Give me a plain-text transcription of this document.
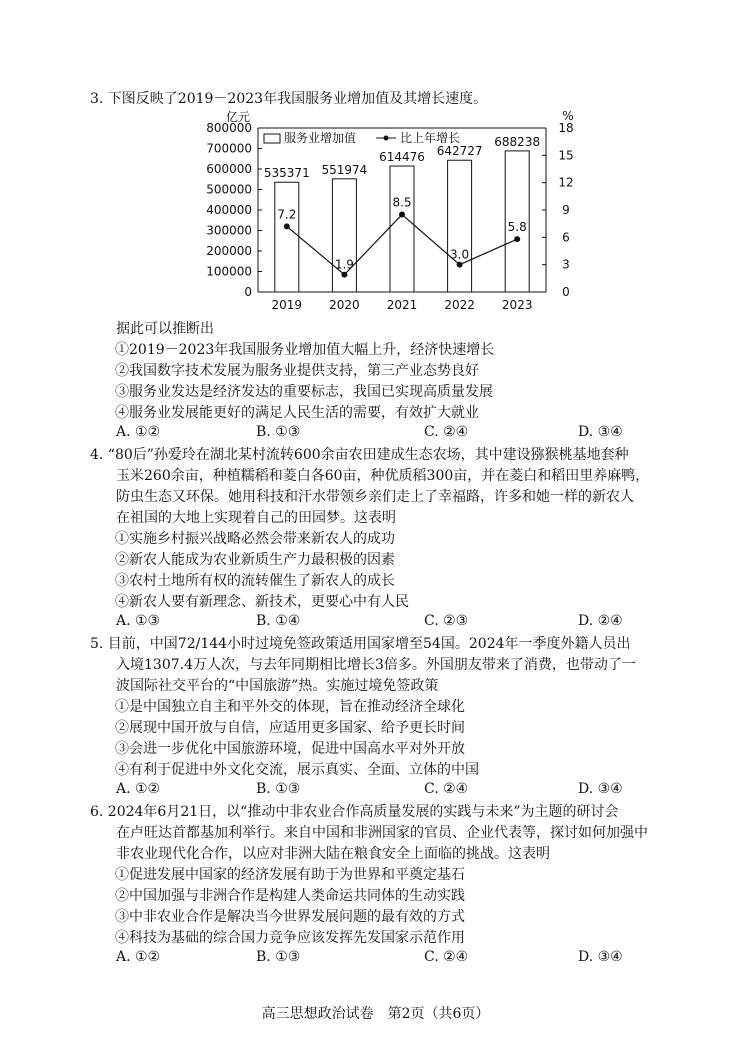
3. 下图反映了2019－2023年我国服务业增加值及其增长速度。
亿元	%
0
100000
200000
300000
400000
500000
600000
700000
800000
0
3
6
9
12
15
18
2019 2020 2021 2022 2023
535371 551974
614476 642727
688238
7.2
1.9
8.5
3.0
5.8
服务业增加值	比上年增长
据此可以推断出
①2019－2023年我国服务业增加值大幅上升，经济快速增长
②我国数字技术发展为服务业提供支持，第三产业态势良好
③服务业发达是经济发达的重要标志，我国已实现高质量发展
④服务业发展能更好的满足人民生活的需要，有效扩大就业
A. ①②	B. ①③	C. ②④	D. ③④
4. “80后”孙爱玲在湖北某村流转600余亩农田建成生态农场，其中建设猕猴桃基地套种
玉米260余亩，种植糯稻和菱白各60亩，种优质稻300亩，并在菱白和稻田里养麻鸭，
防虫生态又环保。她用科技和汗水带领乡亲们走上了幸福路，许多和她一样的新农人
在祖国的大地上实现着自己的田园梦。这表明
①实施乡村振兴战略必然会带来新农人的成功
②新农人能成为农业新质生产力最积极的因素
③农村土地所有权的流转催生了新农人的成长
④新农人要有新理念、新技术，更要心中有人民
A. ①③	B. ①④	C. ②③	D. ②④
5. 目前，中国72/144小时过境免签政策适用国家增至54国。2024年一季度外籍人员出
入境1307.4万人次，与去年同期相比增长3倍多。外国朋友带来了消费，也带动了一
波国际社交平台的“中国旅游”热。实施过境免签政策
①是中国独立自主和平外交的体现，旨在推动经济全球化
②展现中国开放与自信，应适用更多国家、给予更长时间
③会进一步优化中国旅游环境，促进中国高水平对外开放
④有利于促进中外文化交流，展示真实、全面、立体的中国
A. ①②	B. ①③	C. ②④	D. ③④
6. 2024年6月21日，以“推动中非农业合作高质量发展的实践与未来”为主题的研讨会
在卢旺达首都基加利举行。来自中国和非洲国家的官员、企业代表等，探讨如何加强中
非农业现代化合作，以应对非洲大陆在粮食安全上面临的挑战。这表明
①促进发展中国家的经济发展有助于为世界和平奠定基石
②中国加强与非洲合作是构建人类命运共同体的生动实践
③中非农业合作是解决当今世界发展问题的最有效的方式
④科技为基础的综合国力竞争应该发挥先发国家示范作用
A. ①②	B. ①③	C. ②④	D. ③④
高三思想政治试卷　第2页（共6页）
